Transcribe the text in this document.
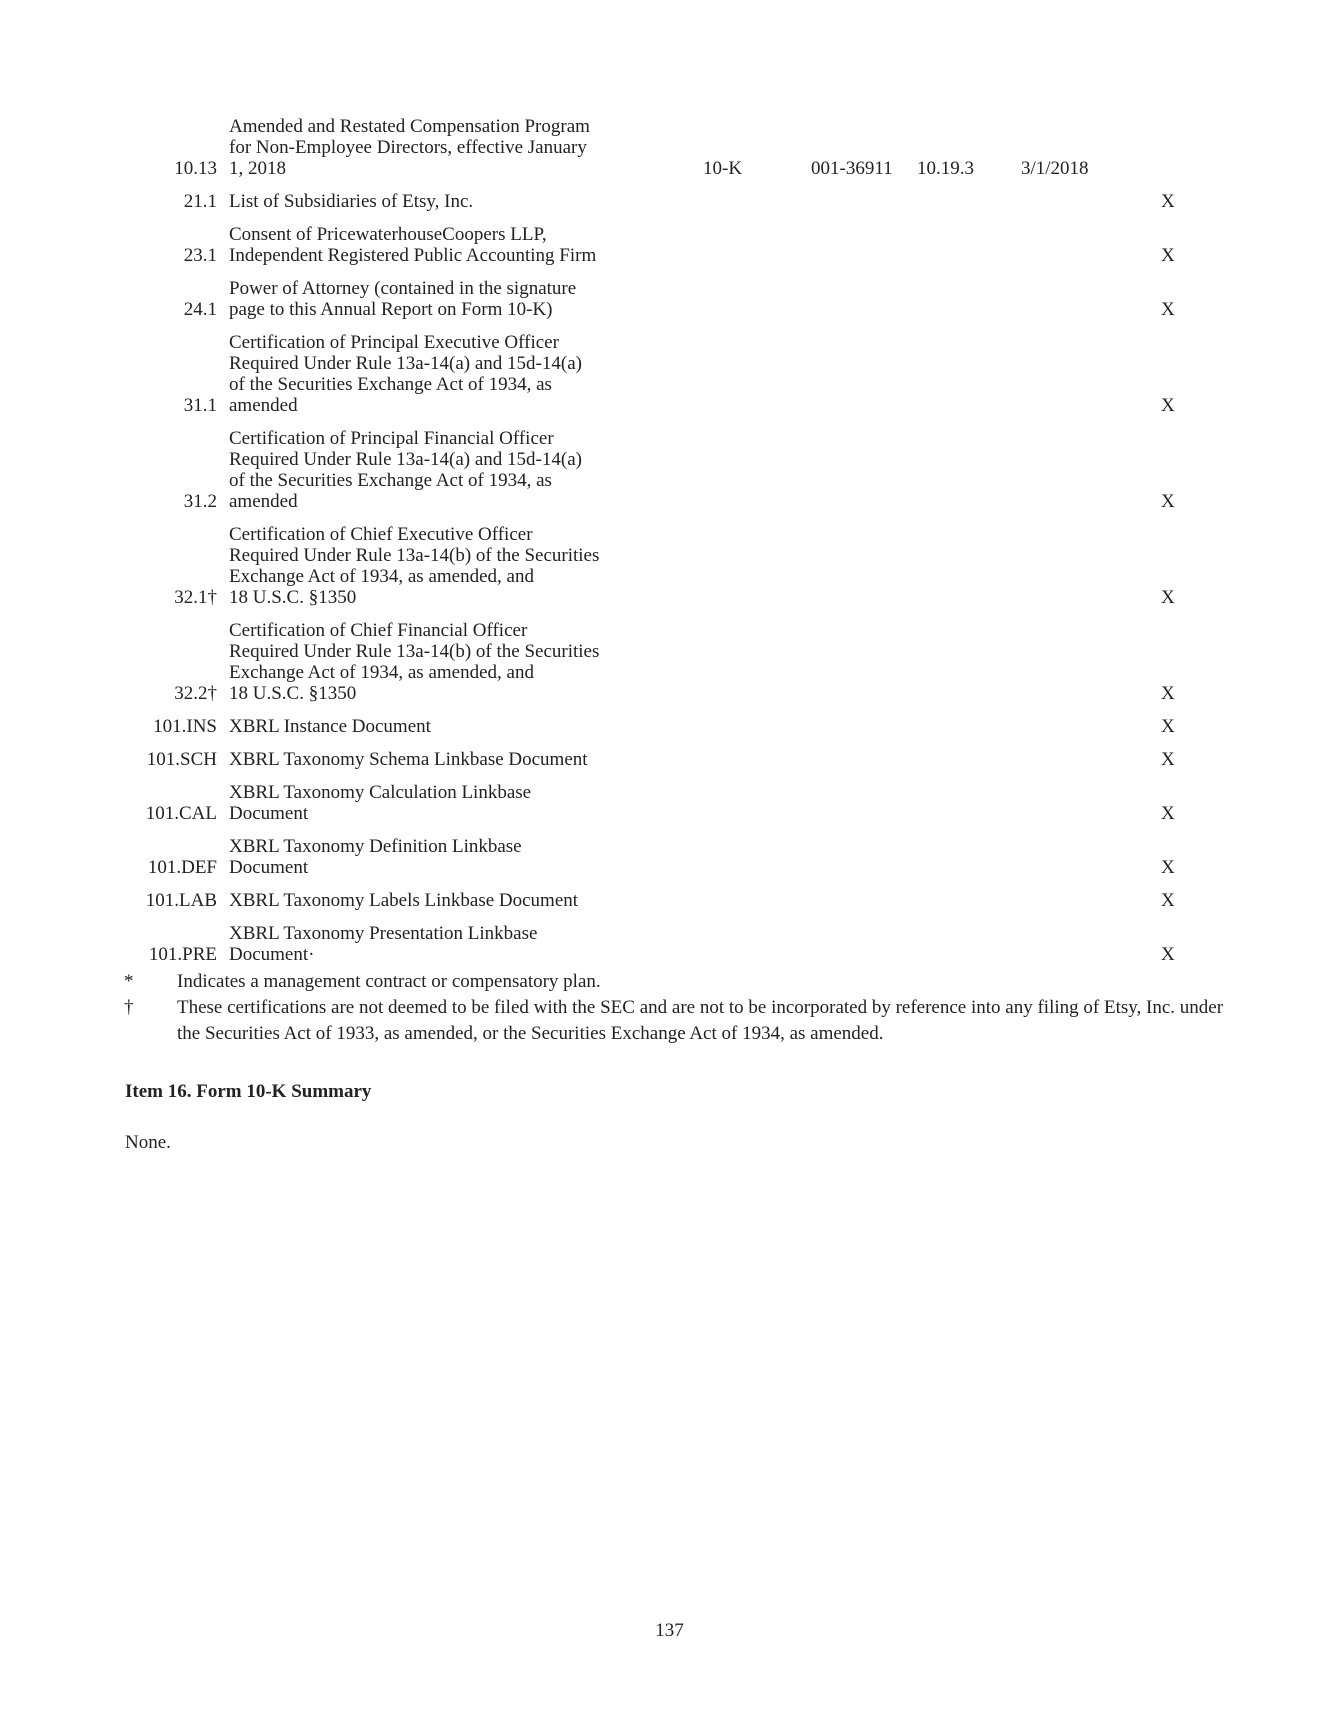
10.13	Amended and Restated Compensation Program
for Non-Employee Directors, effective January
1, 2018	10-K	001-36911	10.19.3	3/1/2018	
21.1	List of Subsidiaries of Etsy, Inc.					X
23.1	Consent of PricewaterhouseCoopers LLP,
Independent Registered Public Accounting Firm					X
24.1	Power of Attorney (contained in the signature
page to this Annual Report on Form 10-K)					X
31.1	Certification of Principal Executive Officer
Required Under Rule 13a-14(a) and 15d-14(a)
of the Securities Exchange Act of 1934, as
amended					X
31.2	Certification of Principal Financial Officer
Required Under Rule 13a-14(a) and 15d-14(a)
of the Securities Exchange Act of 1934, as
amended					X
32.1†	Certification of Chief Executive Officer
Required Under Rule 13a-14(b) of the Securities
Exchange Act of 1934, as amended, and
18 U.S.C. §1350					X
32.2†	Certification of Chief Financial Officer
Required Under Rule 13a-14(b) of the Securities
Exchange Act of 1934, as amended, and
18 U.S.C. §1350					X
101.INS	XBRL Instance Document					X
101.SCH	XBRL Taxonomy Schema Linkbase Document					X
101.CAL	XBRL Taxonomy Calculation Linkbase
Document					X
101.DEF	XBRL Taxonomy Definition Linkbase
Document					X
101.LAB	XBRL Taxonomy Labels Linkbase Document					X
101.PRE	XBRL Taxonomy Presentation Linkbase
Document·					X
*	Indicates a management contract or compensatory plan.
†	These certifications are not deemed to be filed with the SEC and are not to be incorporated by reference into any filing of Etsy, Inc. under the Securities Act of 1933, as amended, or the Securities Exchange Act of 1934, as amended.
Item 16. Form 10-K Summary
None.
137
